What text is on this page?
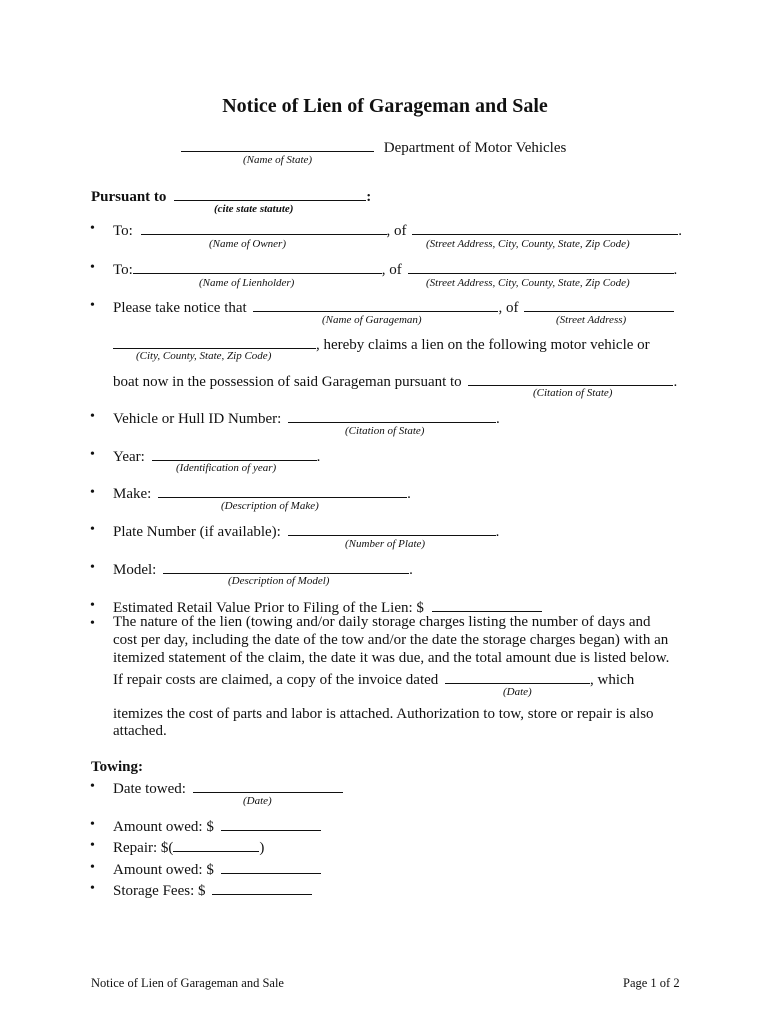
Notice of Lien of Garageman and Sale
Department of Motor Vehicles
(Name of State)
Pursuant to	:
(cite state statute)
• To:	, of	.
(Name of Owner)	(Street Address, City, County, State, Zip Code)
• To:	, of	.
(Name of Lienholder)	(Street Address, City, County, State, Zip Code)
• Please take notice that	, of
(Name of Garageman)	(Street Address)
, hereby claims a lien on the following motor vehicle or
(City, County, State, Zip Code)
boat now in the possession of said Garageman pursuant to	.
(Citation of State)
• Vehicle or Hull ID Number:	.
(Citation of State)
• Year:	.
(Identification of year)
• Make:	.
(Description of Make)
• Plate Number (if available):	.
(Number of Plate)
• Model:	.
(Description of Model)
• Estimated Retail Value Prior to Filing of the Lien: $
• The nature of the lien (towing and/or daily storage charges listing the number of days and
cost per day, including the date of the tow and/or the date the storage charges began) with an
itemized statement of the claim, the date it was due, and the total amount due is listed below.
If repair costs are claimed, a copy of the invoice dated	, which
(Date)
itemizes the cost of parts and labor is attached. Authorization to tow, store or repair is also
attached.
Towing:
• Date towed:
(Date)
• Amount owed: $
• Repair: $(	)
• Amount owed: $
• Storage Fees: $
Notice of Lien of Garageman and Sale	Page 1 of 2
